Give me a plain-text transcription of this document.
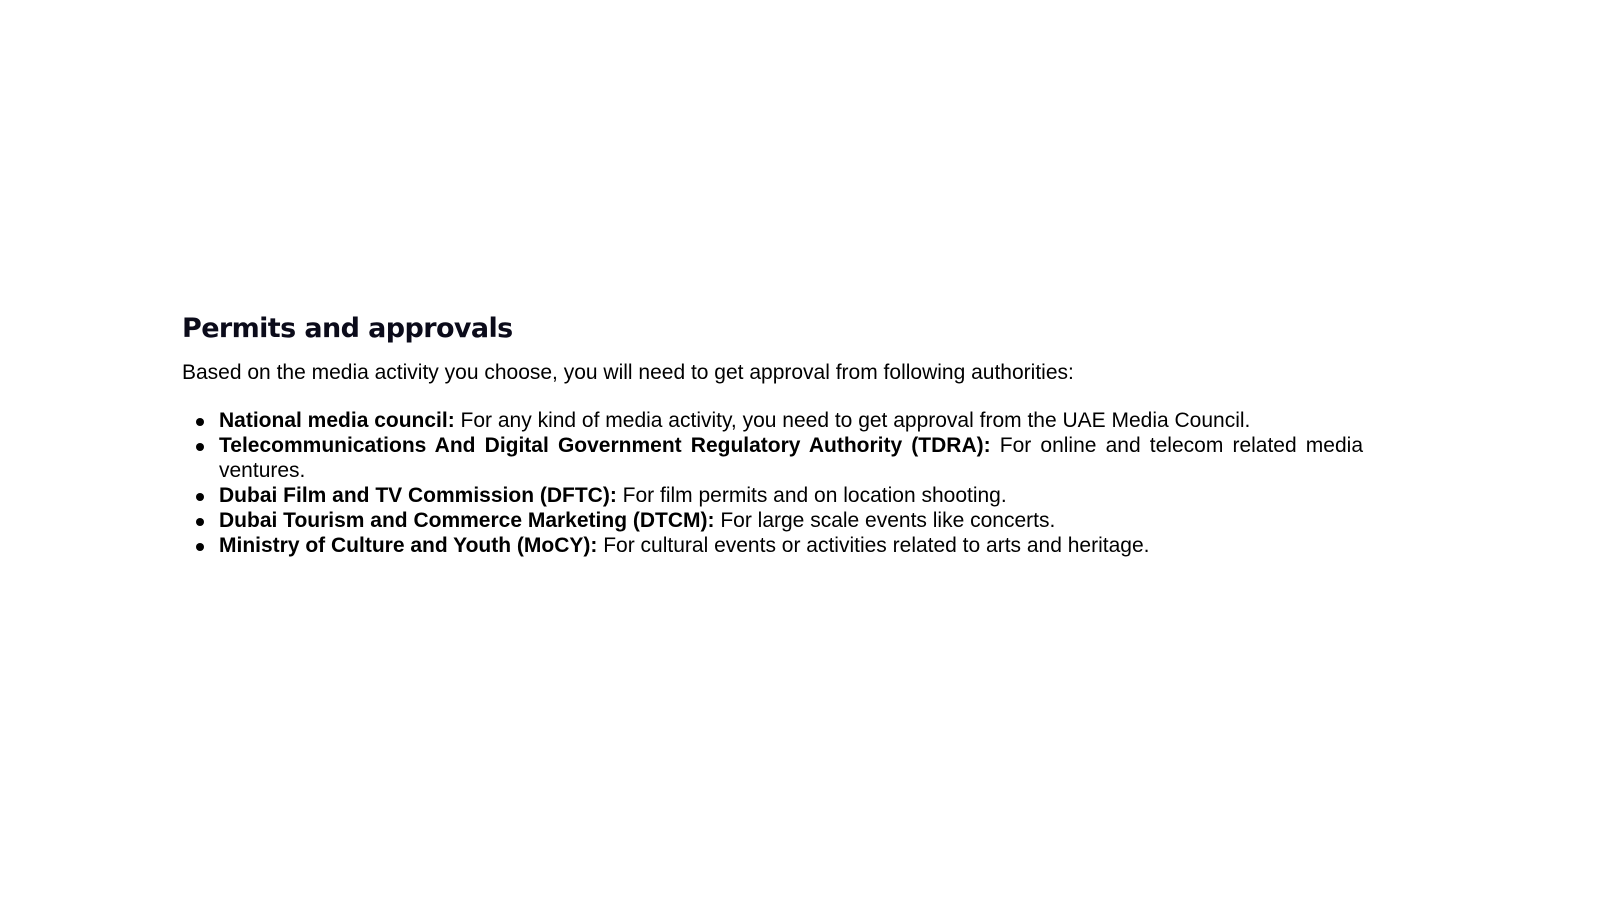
Permits and approvals

Based on the media activity you choose, you will need to get approval from following authorities:

National media council: For any kind of media activity, you need to get approval from the UAE Media Council.
Telecommunications And Digital Government Regulatory Authority (TDRA): For online and telecom related media ventures.
Dubai Film and TV Commission (DFTC): For film permits and on location shooting.
Dubai Tourism and Commerce Marketing (DTCM): For large scale events like concerts.
Ministry of Culture and Youth (MoCY): For cultural events or activities related to arts and heritage.
